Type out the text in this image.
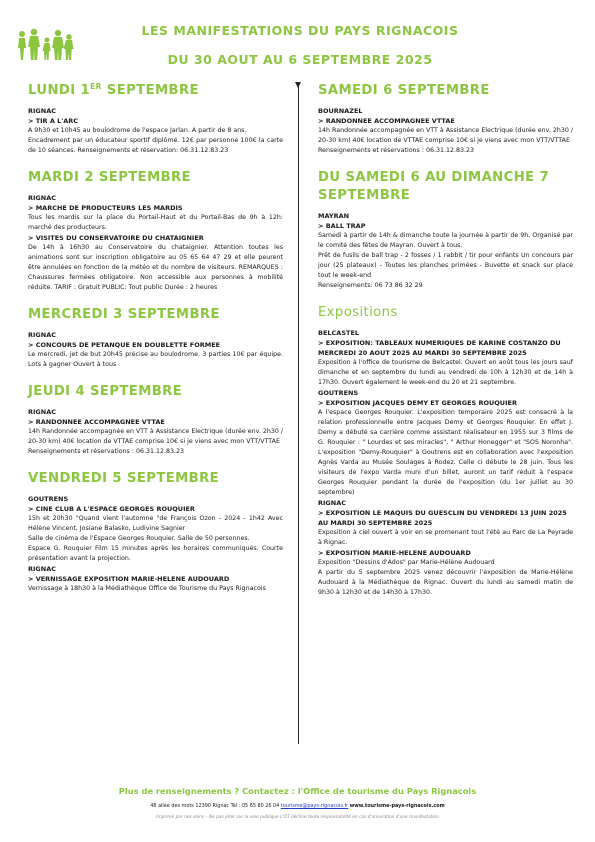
LES MANIFESTATIONS DU PAYS RIGNACOIS
DU 30 AOUT AU 6 SEPTEMBRE 2025
LUNDI 1ER SEPTEMBRE
RIGNAC
> TIR A L'ARC
A 9h30 et 10h45 au boulodrome de l'espace Jarlan. A partir de 8 ans.
Encadrement par un éducateur sportif diplômé. 12€ par personne 100€ la carte de 10 séances. Renseignements et réservation: 06.31.12.83.23
MARDI 2 SEPTEMBRE
RIGNAC
> MARCHE DE PRODUCTEURS LES MARDIS
Tous les mardis sur la place du Portail-Haut et du Portail-Bas de 9h à 12h: marché des producteurs.
> VISITES DU CONSERVATOIRE DU CHATAIGNIER
De 14h à 16h30 au Conservatoire du chataignier. Attention toutes les animations sont sur inscription obligatoire au 05 65 64 47 29 et elle peurent être annulées en fonction de la météo et du nombre de visiteurs. REMARQUES : Chaussures fermées obligatoire. Non accessible aux personnes à mobilité réduite. TARIF : Gratuit PUBLIC: Tout public Durée : 2 heures
MERCREDI 3 SEPTEMBRE
RIGNAC
> CONCOURS DE PETANQUE EN DOUBLETTE FORMEE
Le mercredi, jet de but 20h45 précise au boulodrome. 3 parties 10€ par équipe. Lots à gagner Ouvert à tous
JEUDI 4 SEPTEMBRE
RIGNAC
> RANDONNEE ACCOMPAGNEE VTTAE
14h Randonnée accompagnée en VTT à Assistance Electrique (durée env. 2h30 / 20-30 km) 40€ location de VTTAE comprise 10€ si je viens avec mon VTT/VTTAE
Renseignements et réservations : 06.31.12.83.23
VENDREDI 5 SEPTEMBRE
GOUTRENS
> CINE CLUB A L'ESPACE GEORGES ROUQUIER
15h et 20h30 "Quand vient l'automne "de François Ozon - 2024 - 1h42 Avec Hélène Vincent, Josiane Balasko, Ludivine Sagnier
Salle de cinéma de l'Espace Georges Rouquier. Salle de 50 personnes.
Espace G. Rouquier Film 15 minutes après les horaires communiqués. Courte présentation avant la projection.
RIGNAC
> VERNISSAGE EXPOSITION MARIE-HELENE AUDOUARD
Vernissage à 18h30 à la Médiathèque Office de Tourisme du Pays Rignacois
SAMEDI 6 SEPTEMBRE
BOURNAZEL
> RANDONNEE ACCOMPAGNEE VTTAE
14h Randonnée accompagnée en VTT à Assistance Electrique (durée env. 2h30 / 20-30 km) 40€ location de VTTAE comprise 10€ si je viens avec mon VTT/VTTAE
Renseignements et réservations : 06.31.12.83.23
DU SAMEDI 6 AU DIMANCHE 7 SEPTEMBRE
MAYRAN
> BALL TRAP
Samedi à partir de 14h & dimanche toute la journée à partir de 9h. Organisé par le comité des fêtes de Mayran. Ouvert à tous.
Prêt de fusils de ball trap - 2 fosses / 1 rabbit / tir pour enfants Un concours par jour (25 plateaux) - Toutes les planches primées - Buvette et snack sur place tout le week-end
Renseignements: 06 73 86 32 29
Expositions
BELCASTEL
> EXPOSITION: TABLEAUX NUMERIQUES DE KARINE COSTANZO DU MERCREDI 20 AOUT 2025 AU MARDI 30 SEPTEMBRE 2025
Exposition à l'office de tourisme de Belcastel. Ouvert en août tous les jours sauf dimanche et en septembre du lundi au vendredi de 10h à 12h30 et de 14h à 17h30. Ouvert également le week-end du 20 et 21 septembre.
GOUTRENS
> EXPOSITION JACQUES DEMY ET GEORGES ROUQUIER
A l'espace Georges Rouquier. L'exposition temporaire 2025 est consacré à la relation professionnelle entre Jacques Demy et Georges Rouquier. En effet J. Demy a débuté sa carrière comme assistant réalisateur en 1955 sur 3 films de G. Rouquier : " Lourdes et ses miracles", " Arthur Honegger" et "SOS Noronha". L'exposition "Demy-Rouquier" à Goutrens est en collaboration avec l'exposition Agnès Varda au Musée Soulages à Rodez. Celle ci débute le 28 juin. Tous les visiteurs de l'expo Varda muni d'un billet, auront un tarif réduit à l'espace Georges Rouquier pendant la durée de l'exposition (du 1er juillet au 30 septembre)
RIGNAC
> EXPOSITION LE MAQUIS DU GUESCLIN DU VENDREDI 13 JUIN 2025 AU MARDI 30 SEPTEMBRE 2025
Exposition à ciel ouvert à voir en se promenant tout l'été au Parc de La Peyrade à Rignac.
> EXPOSITION MARIE-HELENE AUDOUARD
Exposition "Dessins d'Ados" par Marie-Hélène Audouard
A partir du 5 septembre 2025 venez découvrir l'exposition de Marie-Hélène Audouard à la Médiathèque de Rignac. Ouvert du lundi au samedi matin de 9h30 à 12h30 et de 14h30 à 17h30.
Plus de renseignements ? Contactez : l'Office de tourisme du Pays Rignacois
48 allée des mots 12390 Rignac Tél : 05 65 80 26 04 tourisme@pays-rignacois.fr www.tourisme-pays-rignacois.com
Imprimé par nos soins – Ne pas jeter sur la voie publique L'OT décline toute responsabilité en cas d'annulation d'une manifestation
